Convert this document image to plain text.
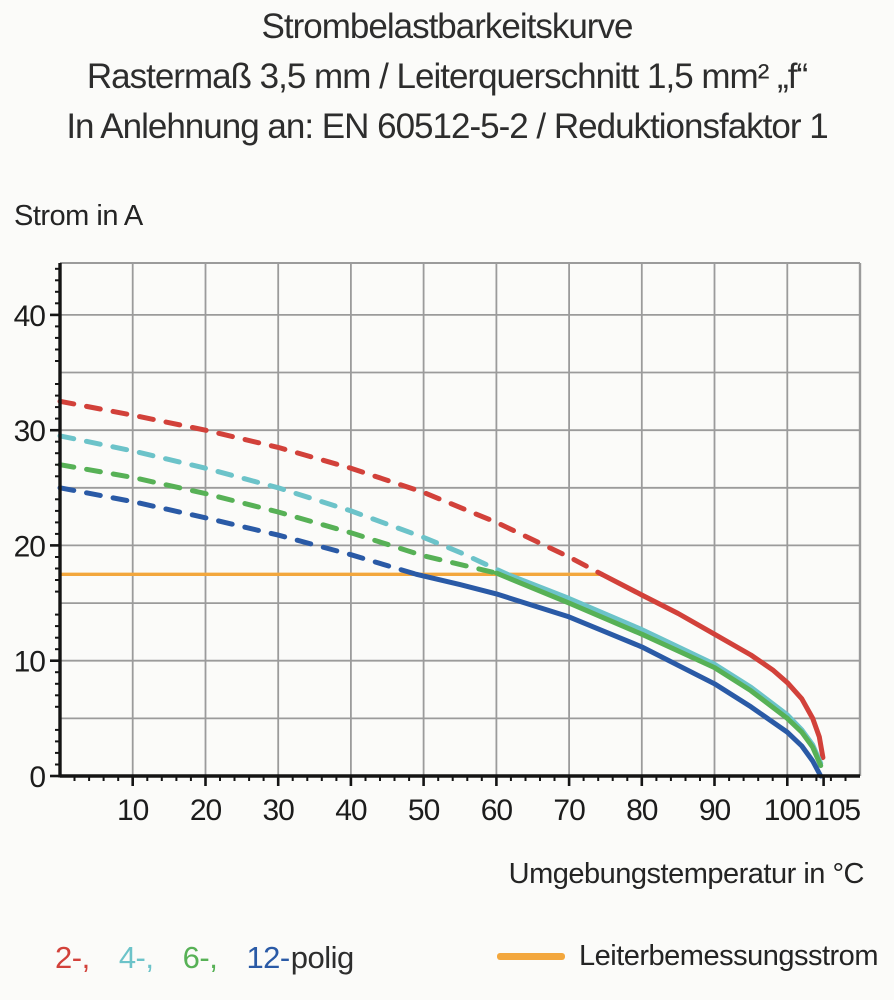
Strombelastbarkeitskurve
Rastermaß 3,5 mm / Leiterquerschnitt 1,5 mm² „f“
In Anlehnung an: EN 60512-5-2 / Reduktionsfaktor 1
Strom in A
10 20 30 40 50 60 70 80 90 100 105
0
10
20
30
40
Umgebungstemperatur in °C
2-, 4-, 6-, 12-polig	Leiterbemessungsstrom
